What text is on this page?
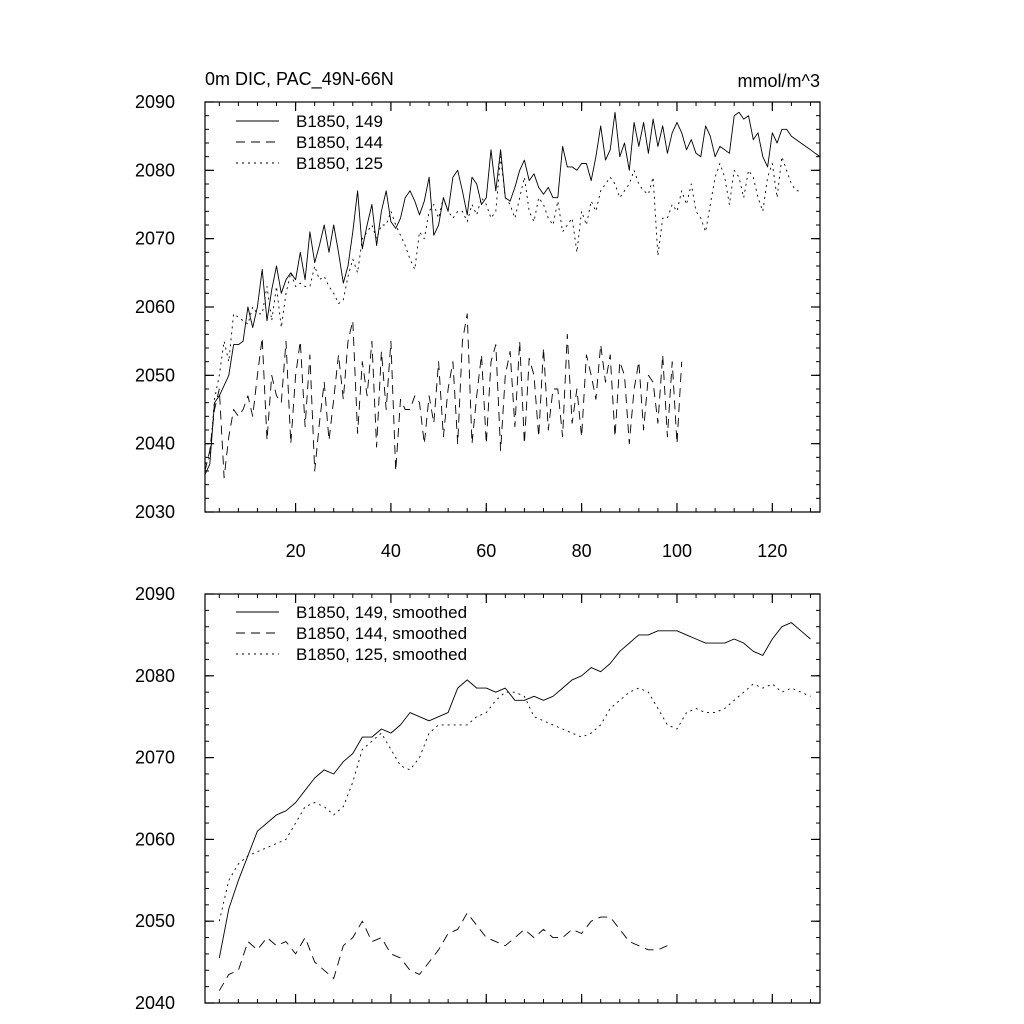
0m DIC, PAC_49N-66N	mmol/m^3
2030
2040
2050
2060
2070
2080
2090
20	40	60	80	100	120
B1850, 149
B1850, 144
B1850, 125
2040
2050
2060
2070
2080
2090
B1850, 149, smoothed
B1850, 144, smoothed
B1850, 125, smoothed
